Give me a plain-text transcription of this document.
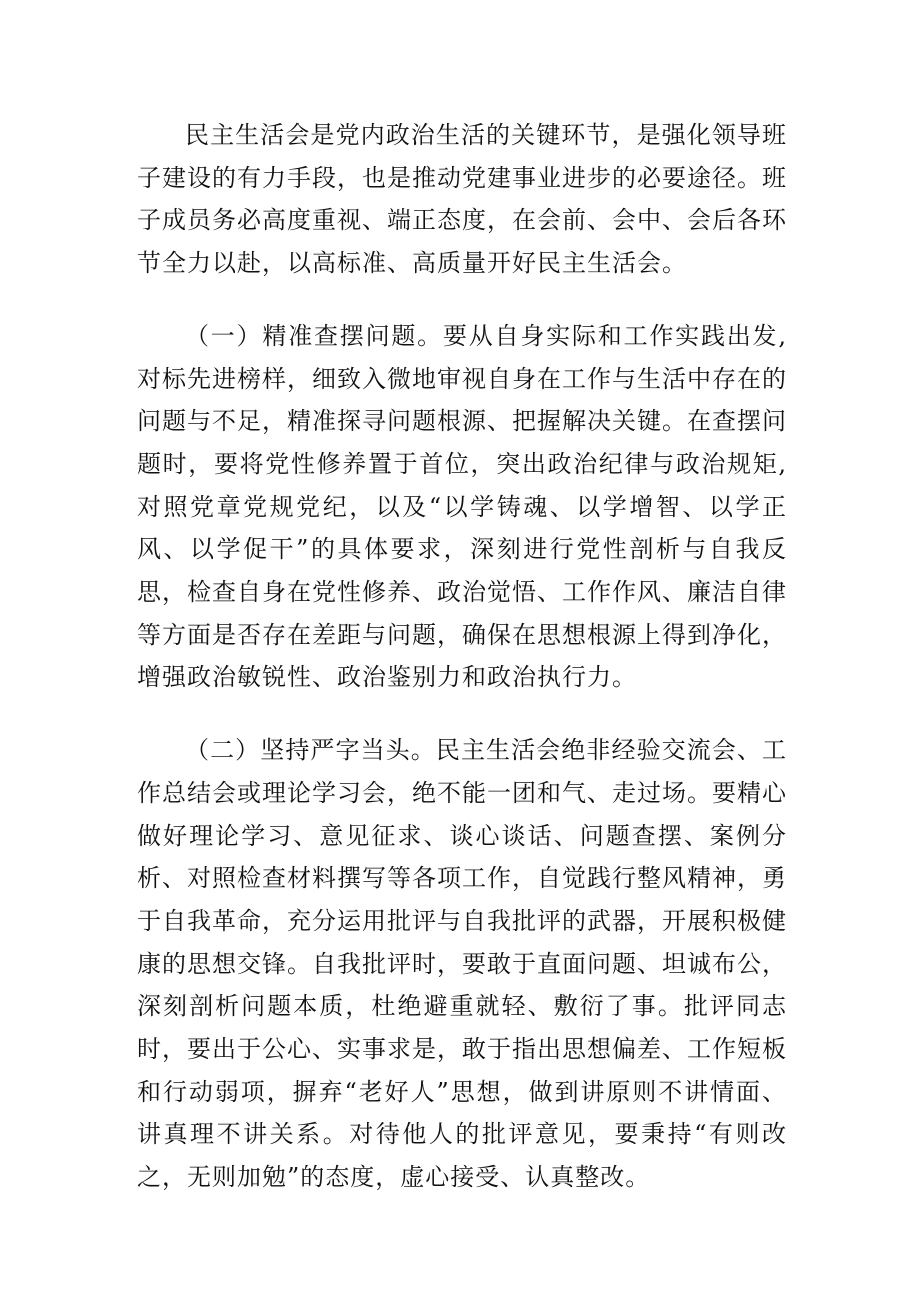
民主生活会是党内政治生活的关键环节，是强化领导班子建设的有力手段，也是推动党建事业进步的必要途径。班子成员务必高度重视、端正态度，在会前、会中、会后各环节全力以赴，以高标准、高质量开好民主生活会。

（一）精准查摆问题。要从自身实际和工作实践出发,对标先进榜样，细致入微地审视自身在工作与生活中存在的问题与不足，精准探寻问题根源、把握解决关键。在查摆问题时，要将党性修养置于首位，突出政治纪律与政治规矩,对照党章党规党纪，以及“以学铸魂、以学增智、以学正风、以学促干”的具体要求，深刻进行党性剖析与自我反思，检查自身在党性修养、政治觉悟、工作作风、廉洁自律等方面是否存在差距与问题，确保在思想根源上得到净化，增强政治敏锐性、政治鉴别力和政治执行力。

（二）坚持严字当头。民主生活会绝非经验交流会、工作总结会或理论学习会，绝不能一团和气、走过场。要精心做好理论学习、意见征求、谈心谈话、问题查摆、案例分析、对照检查材料撰写等各项工作，自觉践行整风精神，勇于自我革命，充分运用批评与自我批评的武器，开展积极健康的思想交锋。自我批评时，要敢于直面问题、坦诚布公，深刻剖析问题本质，杜绝避重就轻、敷衍了事。批评同志时，要出于公心、实事求是，敢于指出思想偏差、工作短板和行动弱项，摒弃“老好人”思想，做到讲原则不讲情面、讲真理不讲关系。对待他人的批评意见，要秉持“有则改之，无则加勉”的态度，虚心接受、认真整改。
